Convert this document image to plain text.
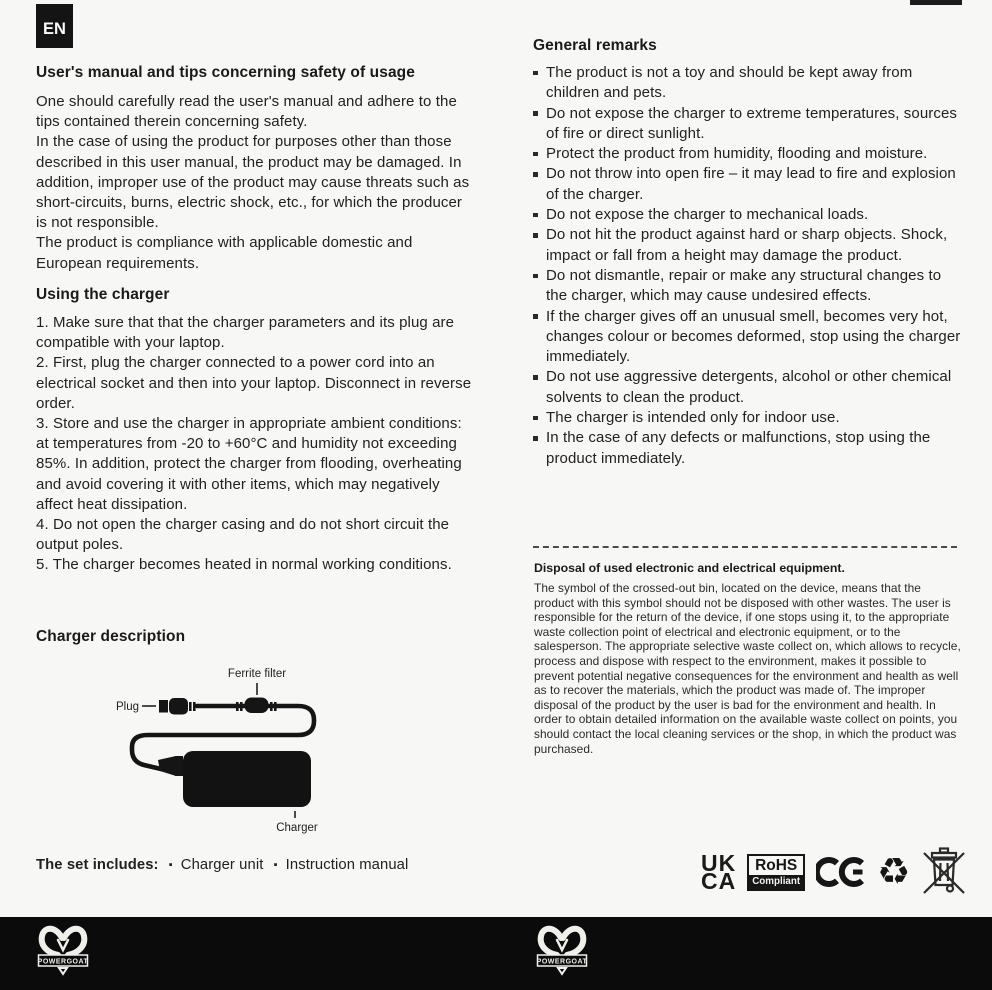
EN
User's manual and tips concerning safety of usage

One should carefully read the user's manual and adhere to the tips contained therein concerning safety.

In the case of using the product for purposes other than those described in this user manual, the product may be damaged. In addition, improper use of the product may cause threats such as short-circuits, burns, electric shock, etc., for which the producer is not responsible.

The product is compliance with applicable domestic and European requirements.

Using the charger

1. Make sure that that the charger parameters and its plug are compatible with your laptop.

2. First, plug the charger connected to a power cord into an electrical socket and then into your laptop. Disconnect in reverse order.

3. Store and use the charger in appropriate ambient conditions: at temperatures from -20 to +60°C and humidity not exceeding 85%. In addition, protect the charger from flooding, overheating and avoid covering it with other items, which may negatively affect heat dissipation.

4. Do not open the charger casing and do not short circuit the output poles.

5. The charger becomes heated in normal working conditions.

Charger description
Plug
Ferrite filter
Charger
The set includes: ▪ Charger unit ▪ Instruction manual
General remarks
The product is not a toy and should be kept away from children and pets.
Do not expose the charger to extreme temperatures, sources of fire or direct sunlight.
Protect the product from humidity, flooding and moisture.
Do not throw into open fire – it may lead to fire and explosion of the charger.
Do not expose the charger to mechanical loads.
Do not hit the product against hard or sharp objects. Shock, impact or fall from a height may damage the product.
Do not dismantle, repair or make any structural changes to the charger, which may cause undesired effects.
If the charger gives off an unusual smell, becomes very hot, changes colour or becomes deformed, stop using the charger immediately.
Do not use aggressive detergents, alcohol or other chemical solvents to clean the product.
The charger is intended only for indoor use.
In the case of any defects or malfunctions, stop using the product immediately.
Disposal of used electronic and electrical equipment.
The symbol of the crossed-out bin, located on the device, means that the product with this symbol should not be disposed with other wastes. The user is responsible for the return of the device, if one stops using it, to the appropriate waste collection point of electrical and electronic equipment, or to the salesperson. The appropriate selective waste collect on, which allows to recycle, process and dispose with respect to the environment, makes it possible to prevent potential negative consequences for the environment and health as well as to recover the materials, which the product was made of. The improper disposal of the product by the user is bad for the environment and health. In order to obtain detailed information on the available waste collect on points, you should contact the local cleaning services or the shop, in which the product was purchased.
UK
CA
RoHS
Compliant ♻
POWERGOAT	POWERGOAT
